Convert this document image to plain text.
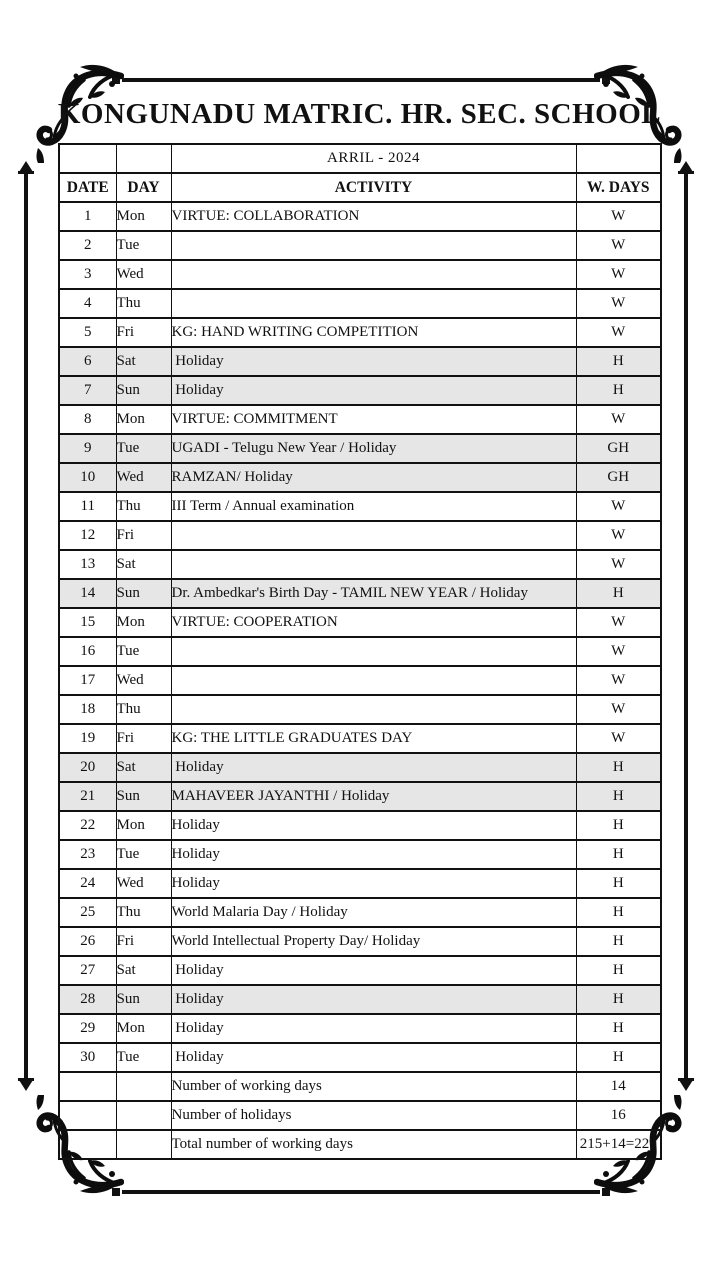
KONGUNADU MATRIC. HR. SEC. SCHOOL
		ARRIL - 2024	
DATE	DAY	ACTIVITY	W. DAYS
1	Mon	VIRTUE: COLLABORATION	W
2	Tue		W
3	Wed		W
4	Thu		W
5	Fri	KG: HAND WRITING COMPETITION	W
6	Sat	Holiday	H
7	Sun	Holiday	H
8	Mon	VIRTUE: COMMITMENT	W
9	Tue	UGADI - Telugu New Year / Holiday	GH
10	Wed	RAMZAN/ Holiday	GH
11	Thu	III Term / Annual examination	W
12	Fri		W
13	Sat		W
14	Sun	Dr. Ambedkar's Birth Day - TAMIL NEW YEAR / Holiday	H
15	Mon	VIRTUE: COOPERATION	W
16	Tue		W
17	Wed		W
18	Thu		W
19	Fri	KG: THE LITTLE GRADUATES DAY	W
20	Sat	Holiday	H
21	Sun	MAHAVEER JAYANTHI / Holiday	H
22	Mon	Holiday	H
23	Tue	Holiday	H
24	Wed	Holiday	H
25	Thu	World Malaria Day / Holiday	H
26	Fri	World Intellectual Property Day/ Holiday	H
27	Sat	Holiday	H
28	Sun	Holiday	H
29	Mon	Holiday	H
30	Tue	Holiday	H
		Number of working days	14
		Number of holidays	16
		Total number of working days	215+14=229
